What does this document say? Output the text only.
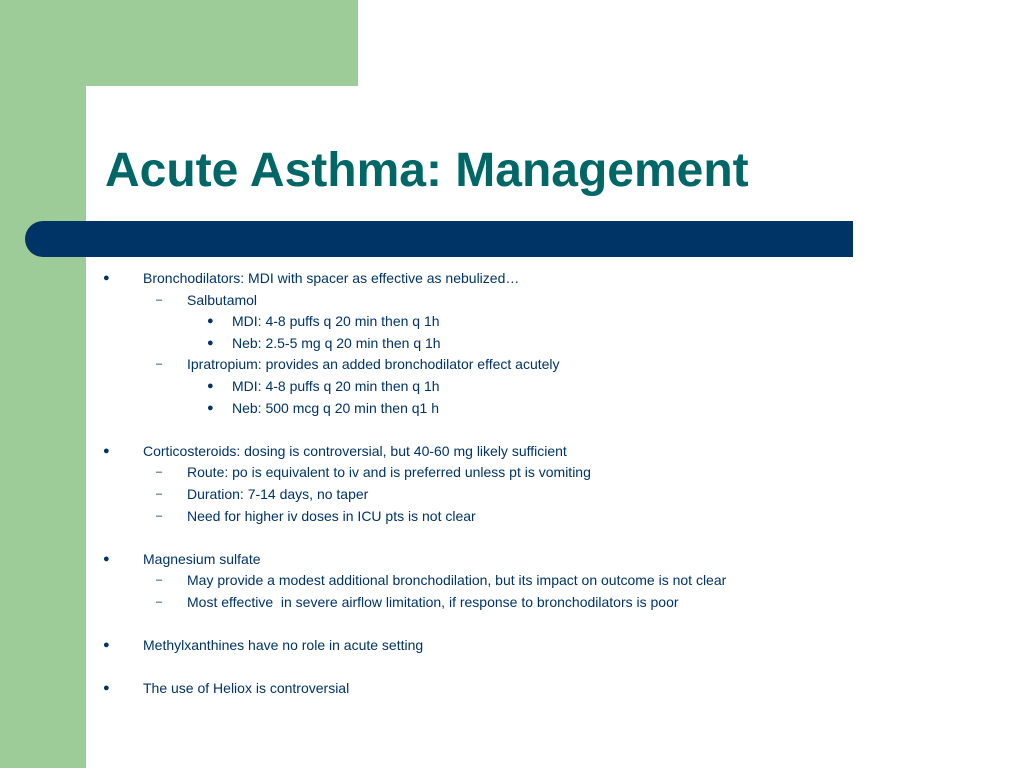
Acute Asthma: Management
● Bronchodilators: MDI with spacer as effective as nebulized…
– Salbutamol
● MDI: 4-8 puffs q 20 min then q 1h
● Neb: 2.5-5 mg q 20 min then q 1h
– Ipratropium: provides an added bronchodilator effect acutely
● MDI: 4-8 puffs q 20 min then q 1h
● Neb: 500 mcg q 20 min then q1 h
● Corticosteroids: dosing is controversial, but 40-60 mg likely sufficient
– Route: po is equivalent to iv and is preferred unless pt is vomiting
– Duration: 7-14 days, no taper
– Need for higher iv doses in ICU pts is not clear
● Magnesium sulfate
– May provide a modest additional bronchodilation, but its impact on outcome is not clear
– Most effective  in severe airflow limitation, if response to bronchodilators is poor
● Methylxanthines have no role in acute setting
● The use of Heliox is controversial
